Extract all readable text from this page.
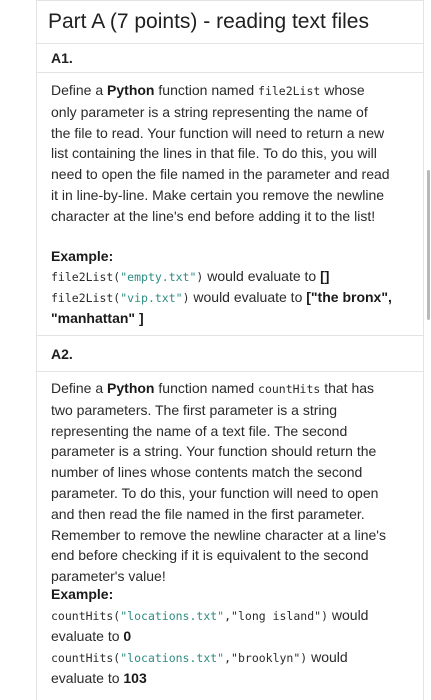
Part A (7 points) - reading text files
A1.
Define a Python function named file2List whose only parameter is a string representing the name of the file to read. Your function will need to return a new list containing the lines in that file. To do this, you will need to open the file named in the parameter and read it in line-by-line. Make certain you remove the newline character at the line's end before adding it to the list!
Example:
file2List("empty.txt") would evaluate to []
file2List("vip.txt") would evaluate to ["the bronx",
"manhattan" ]
A2.
Define a Python function named countHits that has two parameters. The first parameter is a string representing the name of a text file. The second parameter is a string. Your function should return the number of lines whose contents match the second parameter. To do this, your function will need to open and then read the file named in the first parameter. Remember to remove the newline character at a line's end before checking if it is equivalent to the second parameter's value!
Example:
countHits("locations.txt","long island") would
evaluate to 0
countHits("locations.txt","brooklyn") would
evaluate to 103
